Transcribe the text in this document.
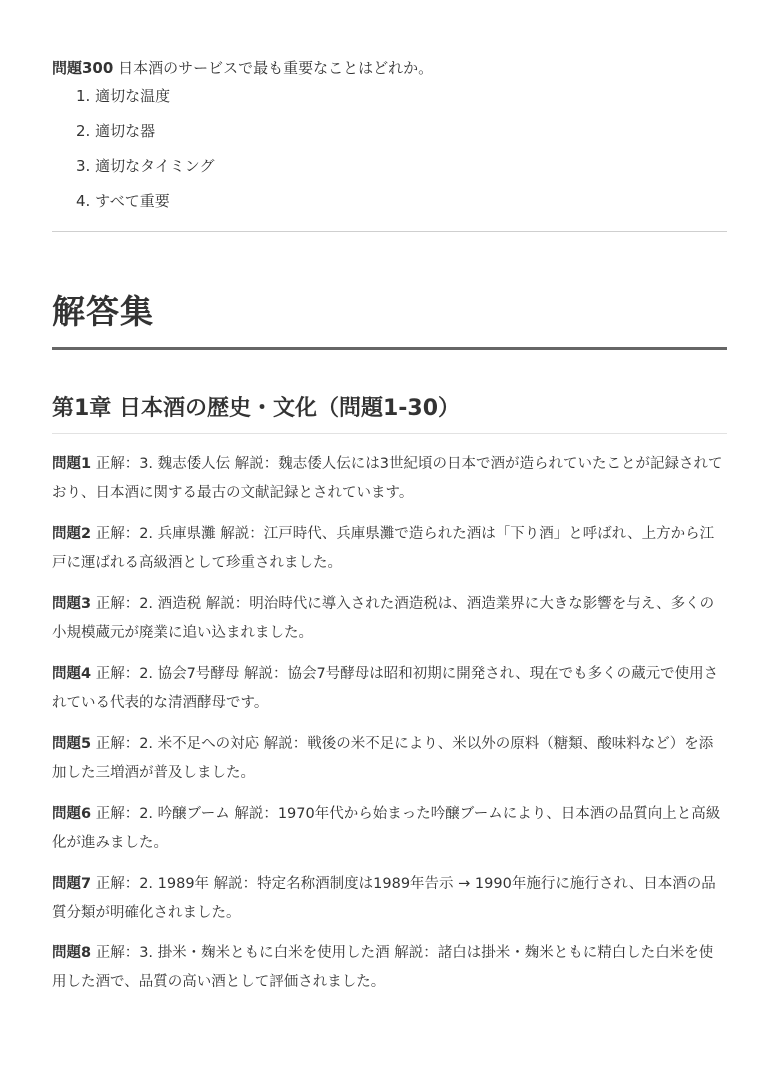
問題300 日本酒のサービスで最も重要なことはどれか。

1. 適切な温度
2. 適切な器
3. 適切なタイミング
4. すべて重要
解答集
第1章 日本酒の歴史・文化（問題1-30）

問題1 正解：3. 魏志倭人伝 解説：魏志倭人伝には3世紀頃の日本で酒が造られていたことが記録されており、日本酒に関する最古の文献記録とされています。

問題2 正解：2. 兵庫県灘 解説：江戸時代、兵庫県灘で造られた酒は「下り酒」と呼ばれ、上方から江戸に運ばれる高級酒として珍重されました。

問題3 正解：2. 酒造税 解説：明治時代に導入された酒造税は、酒造業界に大きな影響を与え、多くの小規模蔵元が廃業に追い込まれました。

問題4 正解：2. 協会7号酵母 解説：協会7号酵母は昭和初期に開発され、現在でも多くの蔵元で使用されている代表的な清酒酵母です。

問題5 正解：2. 米不足への対応 解説：戦後の米不足により、米以外の原料（糖類、酸味料など）を添加した三増酒が普及しました。

問題6 正解：2. 吟醸ブーム 解説：1970年代から始まった吟醸ブームにより、日本酒の品質向上と高級化が進みました。

問題7 正解：2. 1989年 解説：特定名称酒制度は1989年告示 → 1990年施行に施行され、日本酒の品質分類が明確化されました。

問題8 正解：3. 掛米・麹米ともに白米を使用した酒 解説：諸白は掛米・麹米ともに精白した白米を使用した酒で、品質の高い酒として評価されました。
